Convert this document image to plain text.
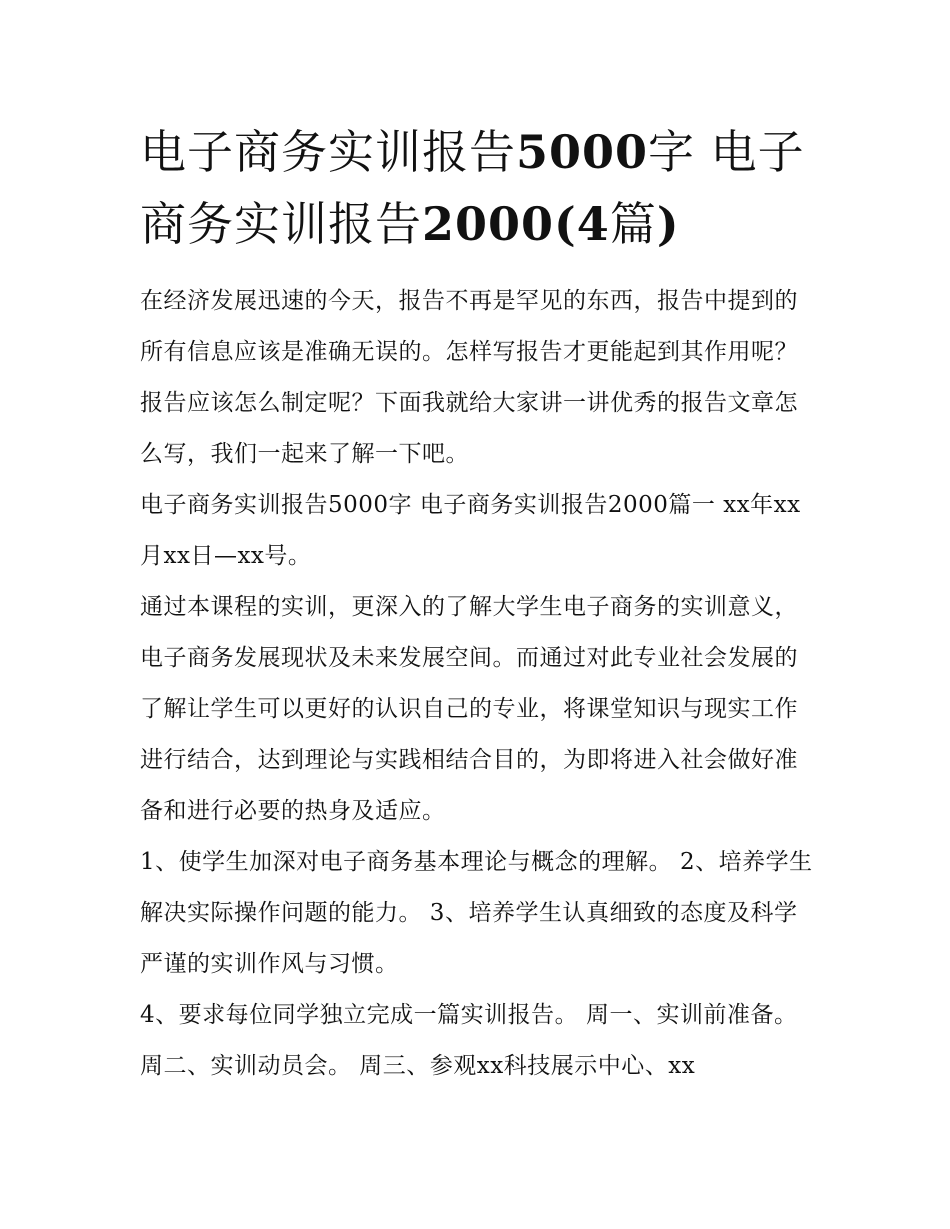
电子商务实训报告5000字 电子商务实训报告2000(4篇)

在经济发展迅速的今天，报告不再是罕见的东西，报告中提到的所有信息应该是准确无误的。怎样写报告才更能起到其作用呢？报告应该怎么制定呢？下面我就给大家讲一讲优秀的报告文章怎么写，我们一起来了解一下吧。

电子商务实训报告5000字 电子商务实训报告2000篇一 xx年xx月xx日—xx号。

通过本课程的实训，更深入的了解大学生电子商务的实训意义，电子商务发展现状及未来发展空间。而通过对此专业社会发展的了解让学生可以更好的认识自己的专业，将课堂知识与现实工作进行结合，达到理论与实践相结合目的，为即将进入社会做好准备和进行必要的热身及适应。

1、使学生加深对电子商务基本理论与概念的理解。 2、培养学生解决实际操作问题的能力。 3、培养学生认真细致的态度及科学严谨的实训作风与习惯。

4、要求每位同学独立完成一篇实训报告。 周一、实训前准备。 周二、实训动员会。 周三、参观xx科技展示中心、xx
